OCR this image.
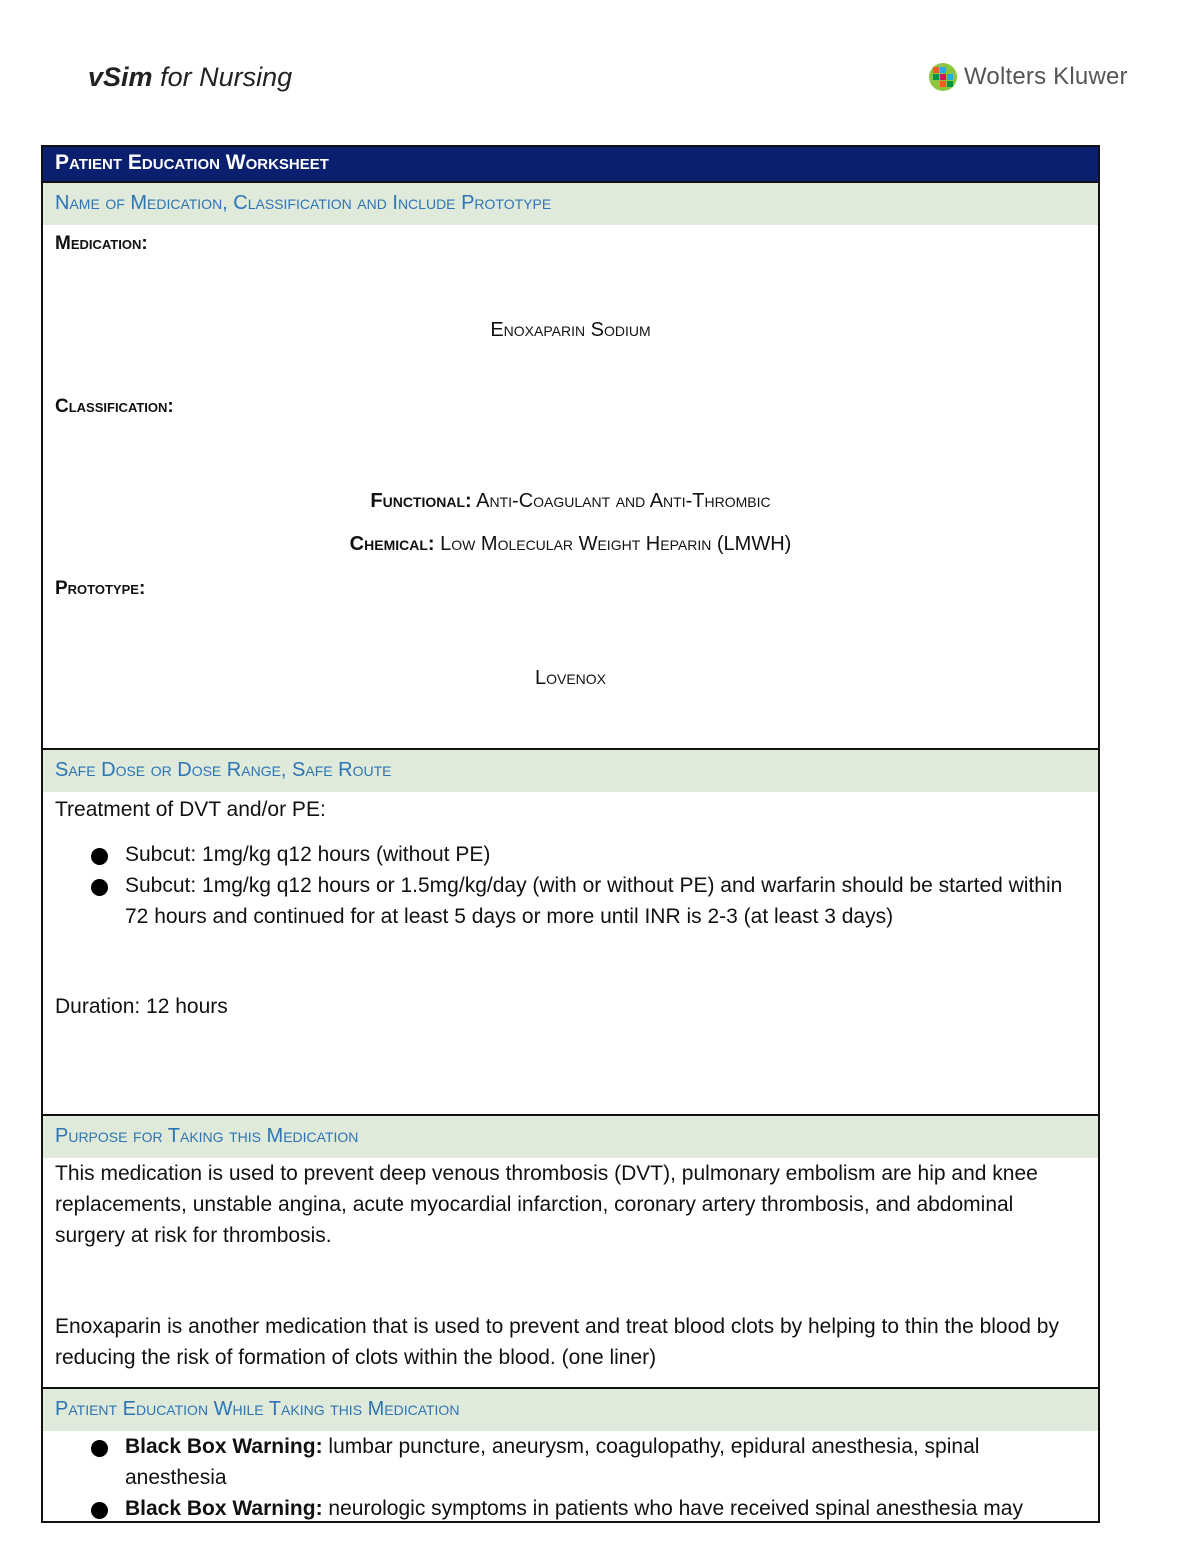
vSim for Nursing	Wolters Kluwer
Patient Education Worksheet
Name of Medication, Classification and Include Prototype
Medication:
Enoxaparin Sodium
Classification:
Functional: Anti-Coagulant and Anti-Thrombic
Chemical: Low Molecular Weight Heparin (LMWH)
Prototype:
Lovenox
Safe Dose or Dose Range, Safe Route
Treatment of DVT and/or PE:
Subcut: 1mg/kg q12 hours (without PE)
Subcut: 1mg/kg q12 hours or 1.5mg/kg/day (with or without PE) and warfarin should be started within 72 hours and continued for at least 5 days or more until INR is 2-3 (at least 3 days)
Duration: 12 hours
Purpose for Taking this Medication
This medication is used to prevent deep venous thrombosis (DVT), pulmonary embolism are hip and knee replacements, unstable angina, acute myocardial infarction, coronary artery thrombosis, and abdominal surgery at risk for thrombosis.
Enoxaparin is another medication that is used to prevent and treat blood clots by helping to thin the blood by reducing the risk of formation of clots within the blood. (one liner)
Patient Education While Taking this Medication
Black Box Warning: lumbar puncture, aneurysm, coagulopathy, epidural anesthesia, spinal anesthesia
Black Box Warning: neurologic symptoms in patients who have received spinal anesthesia may
